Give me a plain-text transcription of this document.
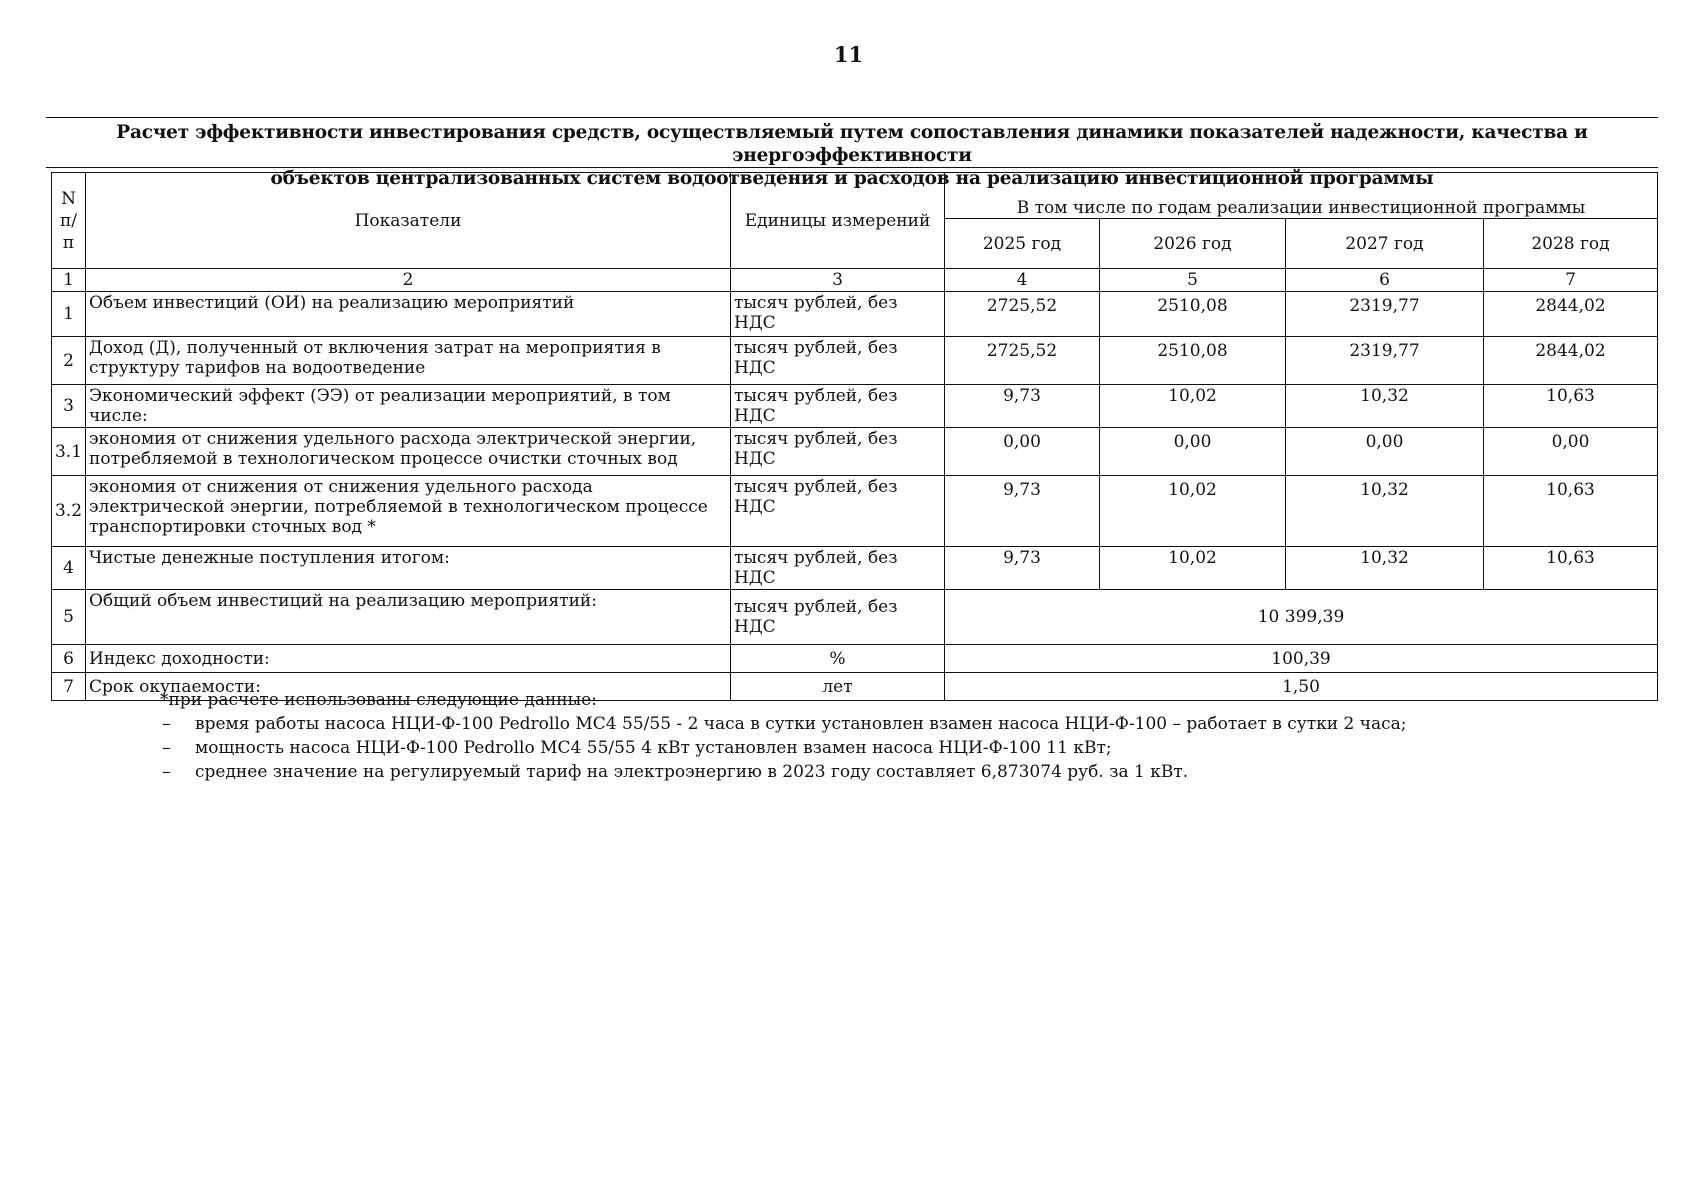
11
Расчет эффективности инвестирования средств, осуществляемый путем сопоставления динамики показателей надежности, качества и энергоэффективности
объектов централизованных систем водоотведения и расходов на реализацию инвестиционной программы
N п/п	Показатели	Единицы измерений	В том числе по годам реализации инвестиционной программы			
			2025 год	2026 год	2027 год	2028 год
1	2	3	4	5	6	7
1	Объем инвестиций (ОИ) на реализацию мероприятий	тысяч рублей, без НДС	2725,52	2510,08	2319,77	2844,02
2	Доход (Д), полученный от включения затрат на мероприятия в структуру тарифов на водоотведение	тысяч рублей, без НДС	2725,52	2510,08	2319,77	2844,02
3	Экономический эффект (ЭЭ) от реализации мероприятий, в том числе:	тысяч рублей, без НДС	9,73	10,02	10,32	10,63
3.1	экономия от снижения удельного расхода электрической энергии, потребляемой в технологическом процессе очистки сточных вод	тысяч рублей, без НДС	0,00	0,00	0,00	0,00
3.2	экономия от снижения от снижения удельного расхода электрической энергии, потребляемой в технологическом процессе транспортировки сточных вод *	тысяч рублей, без НДС	9,73	10,02	10,32	10,63
4	Чистые денежные поступления итогом:	тысяч рублей, без НДС	9,73	10,02	10,32	10,63
5	Общий объем инвестиций на реализацию мероприятий:	тысяч рублей, без НДС	10 399,39			
6	Индекс доходности:	%	100,39			
7	Срок окупаемости:	лет	1,50			
*при расчете использованы следующие данные:
–	время работы насоса НЦИ-Ф-100 Pedrollo MC4 55/55 - 2 часа в сутки установлен взамен насоса НЦИ-Ф-100 – работает в сутки 2 часа;
–	мощность насоса НЦИ-Ф-100 Pedrollo MC4 55/55 4 кВт установлен взамен насоса НЦИ-Ф-100 11 кВт;
–	среднее значение на регулируемый тариф на электроэнергию в 2023 году составляет 6,873074 руб. за 1 кВт.
